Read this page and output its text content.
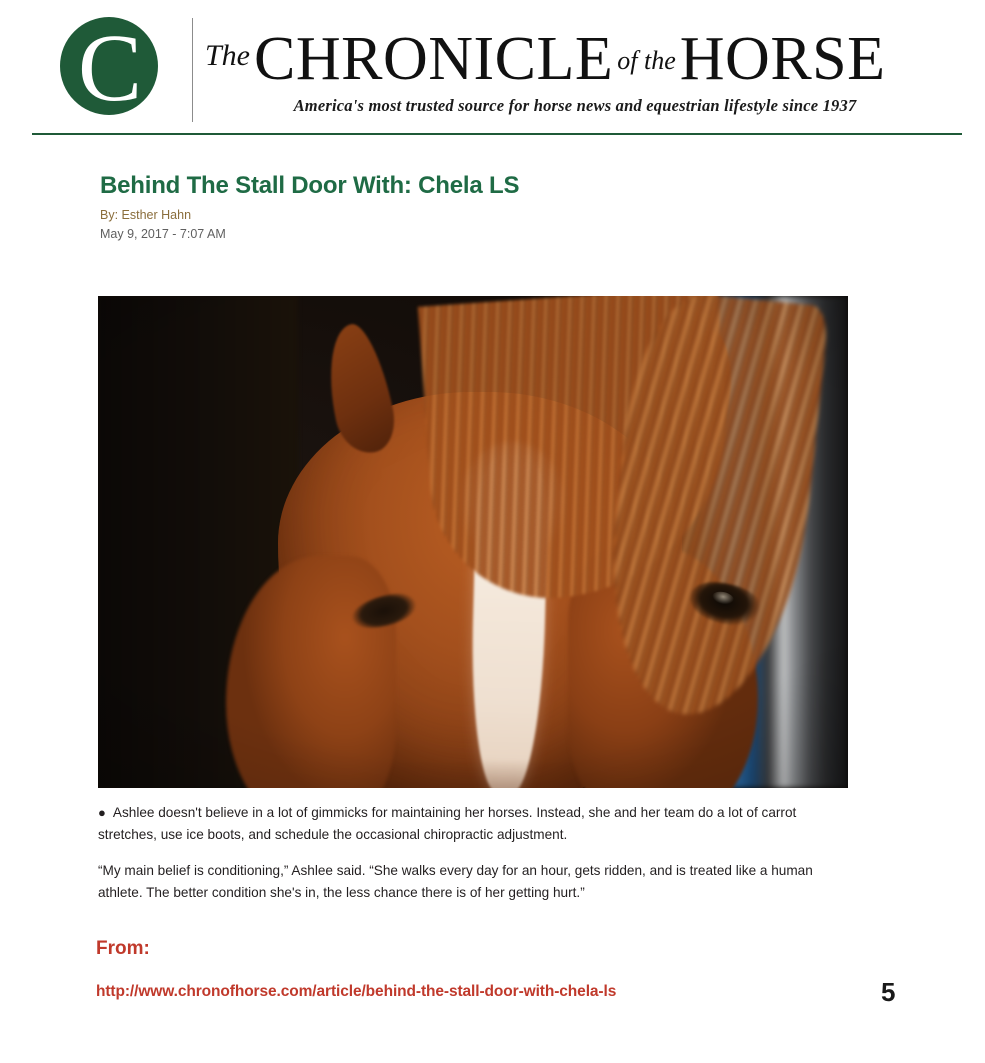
C	The CHRONICLE of the HORSE
America's most trusted source for horse news and equestrian lifestyle since 1937
Behind The Stall Door With: Chela LS

By: Esther Hahn

May 9, 2017 - 7:07 AM

● Ashlee doesn't believe in a lot of gimmicks for maintaining her horses. Instead, she and her team do a lot of carrot stretches, use ice boots, and schedule the occasional chiropractic adjustment.

“My main belief is conditioning,” Ashlee said. “She walks every day for an hour, gets ridden, and is treated like a human athlete. The better condition she's in, the less chance there is of her getting hurt.”

From:
http://www.chronofhorse.com/article/behind-the-stall-door-with-chela-ls	5
